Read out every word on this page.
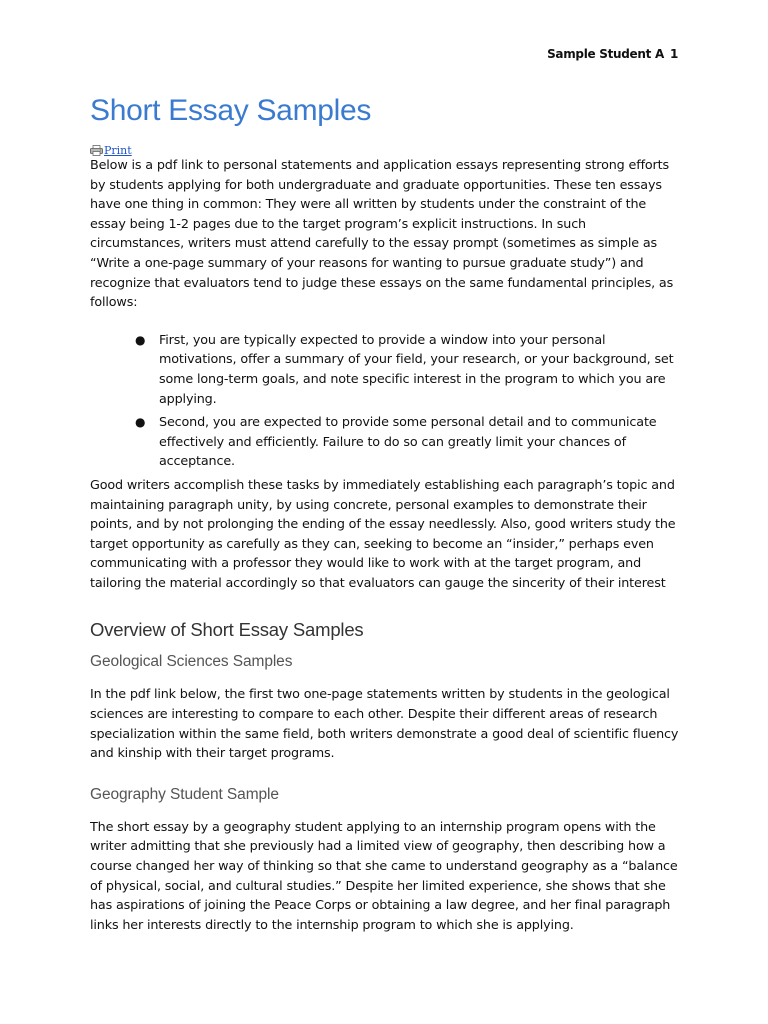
Sample Student A 1
Short Essay Samples
Print

Below is a pdf link to personal statements and application essays representing strong efforts by students applying for both undergraduate and graduate opportunities. These ten essays have one thing in common: They were all written by students under the constraint of the essay being 1-2 pages due to the target program’s explicit instructions. In such circumstances, writers must attend carefully to the essay prompt (sometimes as simple as “Write a one-page summary of your reasons for wanting to pursue graduate study”) and recognize that evaluators tend to judge these essays on the same fundamental principles, as follows:

● First, you are typically expected to provide a window into your personal motivations, offer a summary of your field, your research, or your background, set some long-term goals, and note specific interest in the program to which you are applying.
● Second, you are expected to provide some personal detail and to communicate effectively and efficiently. Failure to do so can greatly limit your chances of acceptance.

Good writers accomplish these tasks by immediately establishing each paragraph’s topic and maintaining paragraph unity, by using concrete, personal examples to demonstrate their points, and by not prolonging the ending of the essay needlessly. Also, good writers study the target opportunity as carefully as they can, seeking to become an “insider,” perhaps even communicating with a professor they would like to work with at the target program, and tailoring the material accordingly so that evaluators can gauge the sincerity of their interest

Overview of Short Essay Samples
Geological Sciences Samples

In the pdf link below, the first two one-page statements written by students in the geological sciences are interesting to compare to each other. Despite their different areas of research specialization within the same field, both writers demonstrate a good deal of scientific fluency and kinship with their target programs.

Geography Student Sample

The short essay by a geography student applying to an internship program opens with the writer admitting that she previously had a limited view of geography, then describing how a course changed her way of thinking so that she came to understand geography as a “balance of physical, social, and cultural studies.” Despite her limited experience, she shows that she has aspirations of joining the Peace Corps or obtaining a law degree, and her final paragraph links her interests directly to the internship program to which she is applying.
